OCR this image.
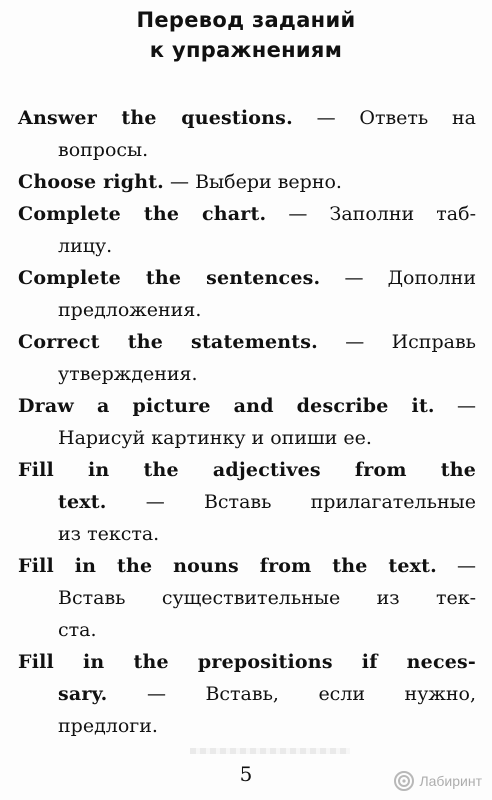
Перевод заданий
к упражнениям
Answer the questions. — Ответь на
вопросы.
Choose right. — Выбери верно.
Complete the chart. — Заполни таб-
лицу.
Complete the sentences. — Дополни
предложения.
Correct the statements. — Исправь
утверждения.
Draw a picture and describe it. —
Нарисуй картинку и опиши ее.
Fill in the adjectives from the
text. — Вставь прилагательные
из текста.
Fill in the nouns from the text. —
Вставь существительные из тек-
ста.
Fill in the prepositions if neces-
sary. — Вставь, если нужно,
предлоги.
5	Лабиринт
